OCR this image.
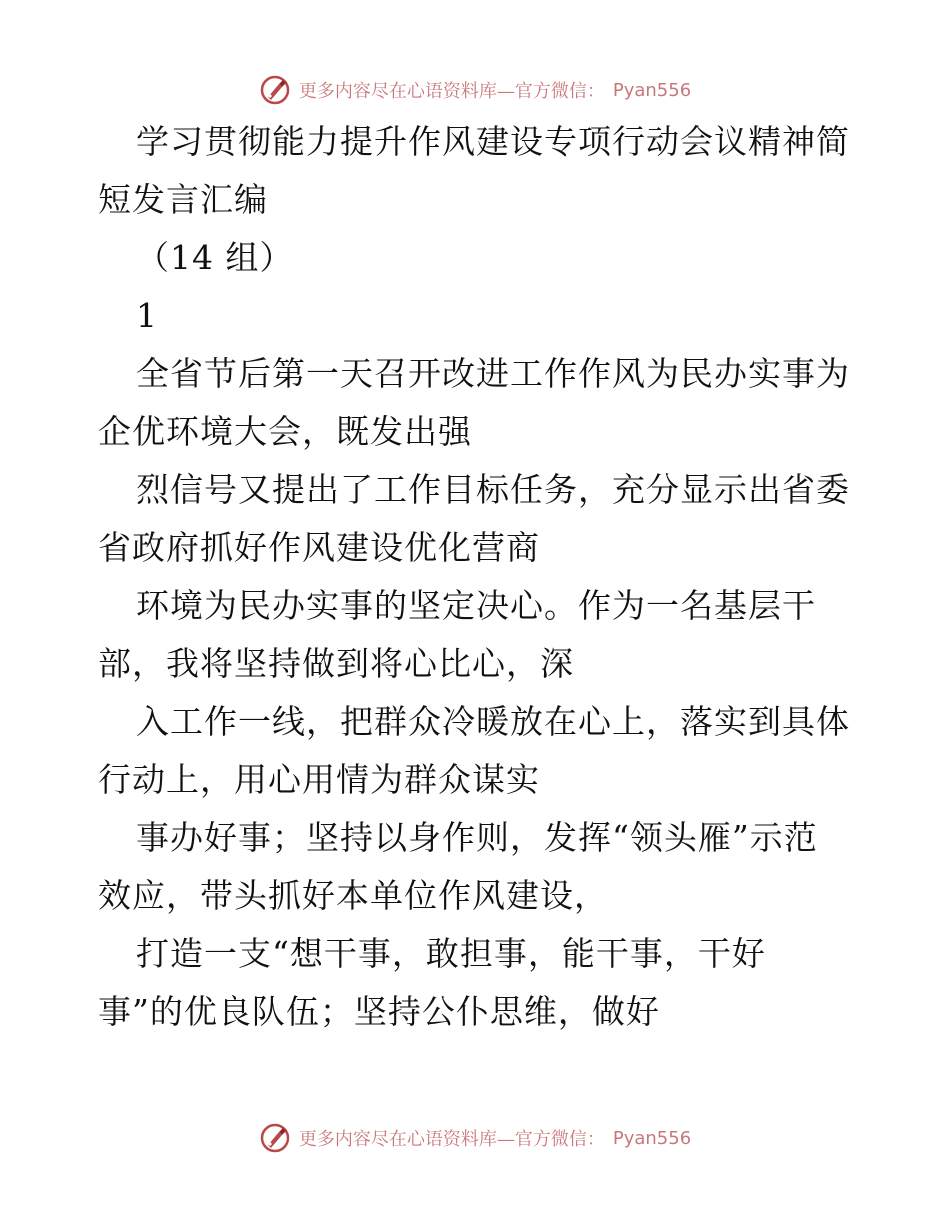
更多内容尽在心语资料库—官方微信： Pyan556
学习贯彻能力提升作风建设专项行动会议精神简
短发言汇编
（14 组）
1
全省节后第一天召开改进工作作风为民办实事为
企优环境大会，既发出强
烈信号又提出了工作目标任务，充分显示出省委
省政府抓好作风建设优化营商
环境为民办实事的坚定决心。作为一名基层干
部，我将坚持做到将心比心，深
入工作一线，把群众冷暖放在心上，落实到具体
行动上，用心用情为群众谋实
事办好事；坚持以身作则，发挥“领头雁”示范
效应，带头抓好本单位作风建设，
打造一支“想干事，敢担事，能干事，干好
事”的优良队伍；坚持公仆思维，做好
更多内容尽在心语资料库—官方微信： Pyan556
